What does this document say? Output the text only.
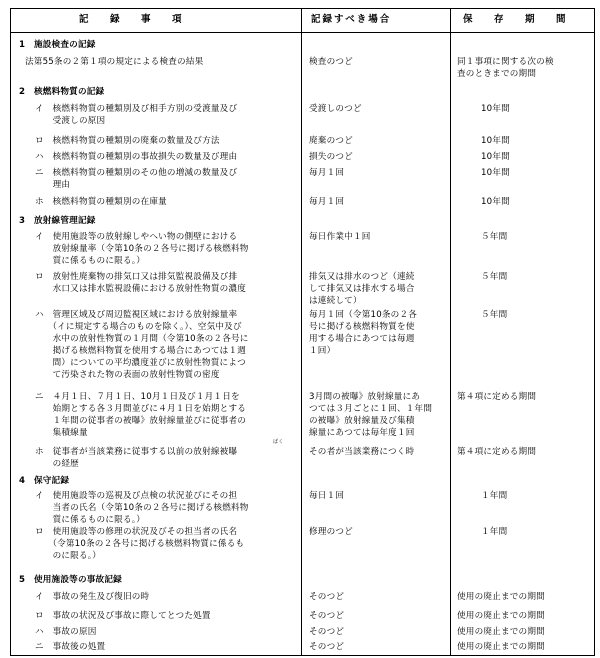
記　録　事　項	記録すべき場合	保　存　期　間
1　施設検査の記録
法第55条の２第１項の規定による検査の結果	検査のつど	同１事項に関する次の検
査のときまでの期間
2　核燃料物質の記録
イ　核燃料物質の種類別及び相手方別の受渡量及び
　　受渡しの原因
受渡しのつど	10年間
ロ　核燃料物質の種類別の廃棄の数量及び方法	廃棄のつど	10年間
ハ　核燃料物質の種類別の事故損失の数量及び理由	損失のつど	10年間
ニ　核燃料物質の種類別のその他の増減の数量及び
　　理由
毎月１回	10年間
ホ　核燃料物質の種類別の在庫量	毎月１回	10年間
3　放射線管理記録
イ　使用施設等の放射線しやへい物の側壁における
　　放射線量率（令第10条の２各号に掲げる核燃料物
　　質に係るものに限る。）
毎日作業中１回	５年間
ロ　放射性廃棄物の排気口又は排気監視設備及び排
　　水口又は排水監視設備における放射性物質の濃度
排気又は排水のつど（連続
して排気又は排水する場合
は連続して）
５年間
ハ　管理区域及び周辺監視区域における放射線量率
　　（イに規定する場合のものを除く。）、空気中及び
　　水中の放射性物質の１月間（令第10条の２各号に
　　掲げる核燃料物質を使用する場合にあつては１週
　　間）についての平均濃度並びに放射性物質によつ
　　て汚染された物の表面の放射性物質の密度
毎月１回（令第10条の２各
号に掲げる核燃料物質を使
用する場合にあつては毎週
１回）
５年間
ニ　４月１日、７月１日、10月１日及び１月１日を
　　始期とする各３月間並びに４月１日を始期とする
　　１年間の従事者の被曝》放射線量並びに従事者の
　　集積線量
3月間の被曝》放射線量にあ
つては３月ごとに１回、１年間
の被曝》放射線量及び集積
線量にあつては毎年度１回
第４項に定める期間
ホ　従事者が当該業務に従事する以前の放射線被曝
　　の経歴
ばく
その者が当該業務につく時	第４項に定める期間
4　保守記録
イ　使用施設等の巡視及び点検の状況並びにその担
　　当者の氏名（令第10条の２各号に掲げる核燃料物
　　質に係るものに限る。）
毎日１回	１年間
ロ　使用施設等の修理の状況及びその担当者の氏名
　　（令第10条の２各号に掲げる核燃料物質に係るも
　　のに限る。）
修理のつど	１年間
5　使用施設等の事故記録
イ　事故の発生及び復旧の時	そのつど	使用の廃止までの期間
ロ　事故の状況及び事故に際してとつた処置	そのつど	使用の廃止までの期間
ハ　事故の原因	そのつど	使用の廃止までの期間
ニ　事故後の処置	そのつど	使用の廃止までの期間
